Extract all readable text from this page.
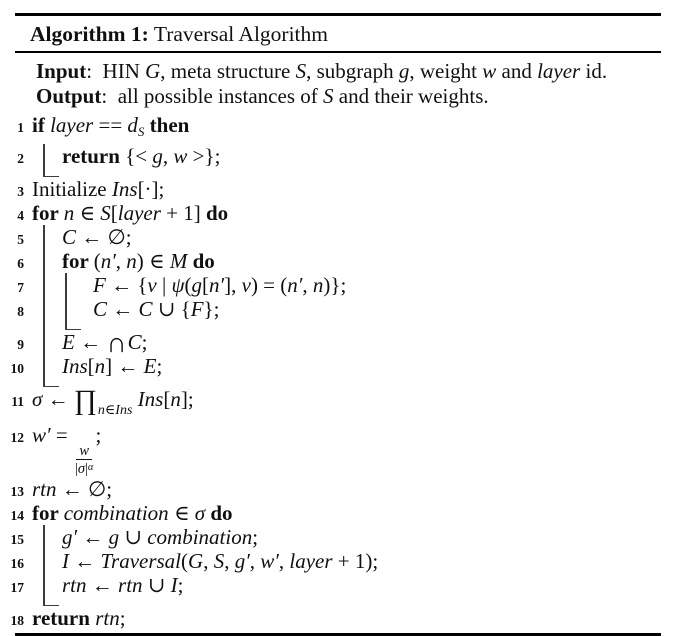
Algorithm 1: Traversal Algorithm
Input:  HIN G, meta structure S, subgraph g, weight w and layer id.
Output:  all possible instances of S and their weights.
1 if layer == dS then
2 return {< g, w >};
3 Initialize Ins[·];
4 for n ∈ S[layer + 1] do
5 C ← ∅;
6 for (n′, n) ∈ M do
7	F ← {v | ψ(g[n′], v) = (n′, n)};
8	C ← C ∪ {F};
9 E ← ∩C;
10 Ins[n] ← E;
11 σ ← $\prod_{n\in Ins}$ Ins[n];
12 w′ =
$\frac{w}{|\sigma|^\alpha}$
;
13 rtn ← ∅;
14 for combination ∈ σ do
15 g′ ← g ∪ combination;
16 I ← Traversal(G, S, g′, w′, layer + 1);
17 rtn ← rtn ∪ I;
18 return rtn;
